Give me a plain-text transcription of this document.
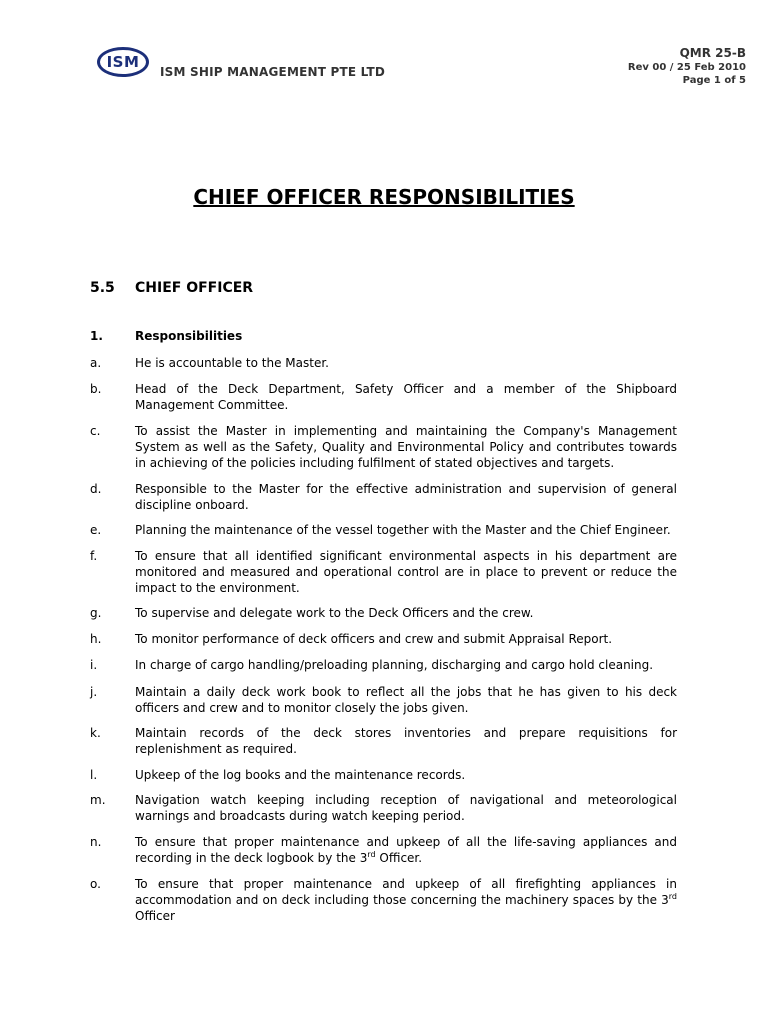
ISM
ISM SHIP MANAGEMENT PTE LTD
QMR 25-B
Rev 00 / 25 Feb 2010
Page 1 of 5
CHIEF OFFICER RESPONSIBILITIES
5.5 CHIEF OFFICER
1.	Responsibilities
a.	He is accountable to the Master.
b.	Head of the Deck Department, Safety Officer and a member of the Shipboard Management Committee.
c.	To assist the Master in implementing and maintaining the Company's Management System as well as the Safety, Quality and Environmental Policy and contributes towards in achieving of the policies including fulfilment of stated objectives and targets.
d.	Responsible to the Master for the effective administration and supervision of general discipline onboard.
e.	Planning the maintenance of the vessel together with the Master and the Chief Engineer.
f.	To ensure that all identified significant environmental aspects in his department are monitored and measured and operational control are in place to prevent or reduce the impact to the environment.
g.	To supervise and delegate work to the Deck Officers and the crew.
h.	To monitor performance of deck officers and crew and submit Appraisal Report.
i.	In charge of cargo handling/preloading planning, discharging and cargo hold cleaning.
j.	Maintain a daily deck work book to reflect all the jobs that he has given to his deck officers and crew and to monitor closely the jobs given.
k.	Maintain records of the deck stores inventories and prepare requisitions for replenishment as required.
l.	Upkeep of the log books and the maintenance records.
m. Navigation watch keeping including reception of navigational and meteorological warnings and broadcasts during watch keeping period.
n.	To ensure that proper maintenance and upkeep of all the life-saving appliances and recording in the deck logbook by the 3rd Officer.
o.	To ensure that proper maintenance and upkeep of all firefighting appliances in accommodation and on deck including those concerning the machinery spaces by the 3rd Officer
